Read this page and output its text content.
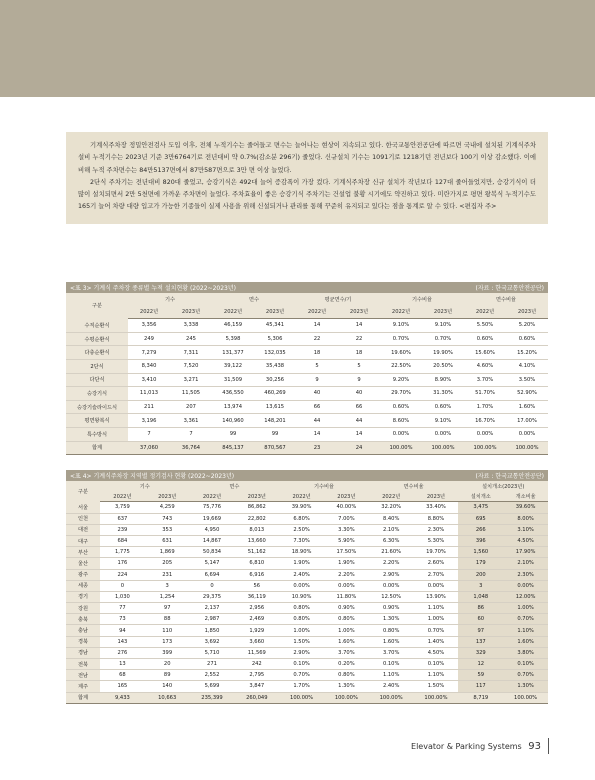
기계식주차장 정밀안전검사 도입 이후, 전체 누적기수는 줄어들고 면수는 늘어나는 현상이 지속되고 있다. 한국교통안전공단에 따르면 국내에 설치된 기계식주차설비 누적기수는 2023년 기준 3만6764기로 전년대비 약 0.7%(감소분 296기) 줄었다. 신규설치 기수는 1091기로 1218기던 전년보다 100기 이상 감소했다. 이에 비해 누적 주차면수는 84만5137면에서 87만587면으로 3만 면 이상 늘었다.

2단식 주차기는 전년대비 820대 줄었고, 승강기식은 492대 늘어 증감폭이 가장 컸다. 기계식주차장 신규 설치가 작년보다 127대 줄어들었지만, 승강기식이 더 많이 설치되면서 2만 5천면에 가까운 주차면이 늘었다. 주차효율이 좋은 승강기식 주차기는 건설업 불황 시기에도 약진하고 있다. 미란가지로 평면 왕복식 누적기수도 165기 늘어 차량 대량 입고가 가능한 기종들이 실제 사용을 위해 신설되거나 관리를 통해 꾸준히 유지되고 있다는 점을 통계로 알 수 있다. <편집자 주>

<표 3> 기계식 주차장 종류별 누적 설치현황 (2022~2023년)	(자료 : 한국교통안전공단)
구분	기수		면수		평균면수/기		기수비율		면수비율	
	2022년	2023년	2022년	2023년	2022년	2023년	2022년	2023년	2022년	2023년
수직순환식	3,356	3,338	46,159	45,341	14	14	9.10%	9.10%	5.50%	5.20%
수평순환식	249	245	5,398	5,306	22	22	0.70%	0.70%	0.60%	0.60%
다층순환식	7,279	7,311	131,377	132,035	18	18	19.60%	19.90%	15.60%	15.20%
2단식	8,340	7,520	39,122	35,438	5	5	22.50%	20.50%	4.60%	4.10%
다단식	3,410	3,271	31,509	30,256	9	9	9.20%	8.90%	3.70%	3.50%
승강기식	11,013	11,505	436,550	460,269	40	40	29.70%	31.30%	51.70%	52.90%
승강기슬라이드식	211	207	13,974	13,615	66	66	0.60%	0.60%	1.70%	1.60%
평면왕복식	3,196	3,361	140,960	148,201	44	44	8.60%	9.10%	16.70%	17.00%
특수방식	7	7	99	99	14	14	0.00%	0.00%	0.00%	0.00%
합계	37,060	36,764	845,137	870,567	23	24	100.00%	100.00%	100.00%	100.00%
<표 4> 기계식주차장 지역별 정기검사 현황 (2022~2023년)	(자료 : 한국교통안전공단)
구분	기수		면수		기수비율		면수비율		설치개소(2023년)	
	2022년	2023년	2022년	2023년	2022년	2023년	2022년	2023년	설치개소	개소비율
서울	3,759	4,259	75,776	86,862	39.90%	40.00%	32.20%	33.40%	3,475	39.60%
인천	637	743	19,669	22,802	6.80%	7.00%	8.40%	8.80%	695	8.00%
대전	239	353	4,950	8,013	2.50%	3.30%	2.10%	2.30%	266	3.10%
대구	684	631	14,867	13,660	7.30%	5.90%	6.30%	5.30%	396	4.50%
부산	1,775	1,869	50,834	51,162	18.90%	17.50%	21.60%	19.70%	1,560	17.90%
울산	176	205	5,147	6,810	1.90%	1.90%	2.20%	2.60%	179	2.10%
광주	224	231	6,694	6,916	2.40%	2.20%	2.90%	2.70%	200	2.30%
세종	0	3	0	56	0.00%	0.00%	0.00%	0.00%	3	0.00%
경기	1,030	1,254	29,375	36,119	10.90%	11.80%	12.50%	13.90%	1,048	12.00%
강원	77	97	2,137	2,956	0.80%	0.90%	0.90%	1.10%	86	1.00%
충북	73	88	2,987	2,469	0.80%	0.80%	1.30%	1.00%	60	0.70%
충남	94	110	1,850	1,929	1.00%	1.00%	0.80%	0.70%	97	1.10%
경북	143	173	3,692	3,660	1.50%	1.60%	1.60%	1.40%	137	1.60%
경남	276	399	5,710	11,569	2.90%	3.70%	3.70%	4.50%	329	3.80%
전북	13	20	271	242	0.10%	0.20%	0.10%	0.10%	12	0.10%
전남	68	89	2,552	2,795	0.70%	0.80%	1.10%	1.10%	59	0.70%
제주	165	140	5,699	3,847	1.70%	1.30%	2.40%	1.50%	117	1.30%
합계	9,433	10,663	235,399	260,049	100.00%	100.00%	100.00%	100.00%	8,719	100.00%
Elevator & Parking Systems 93
